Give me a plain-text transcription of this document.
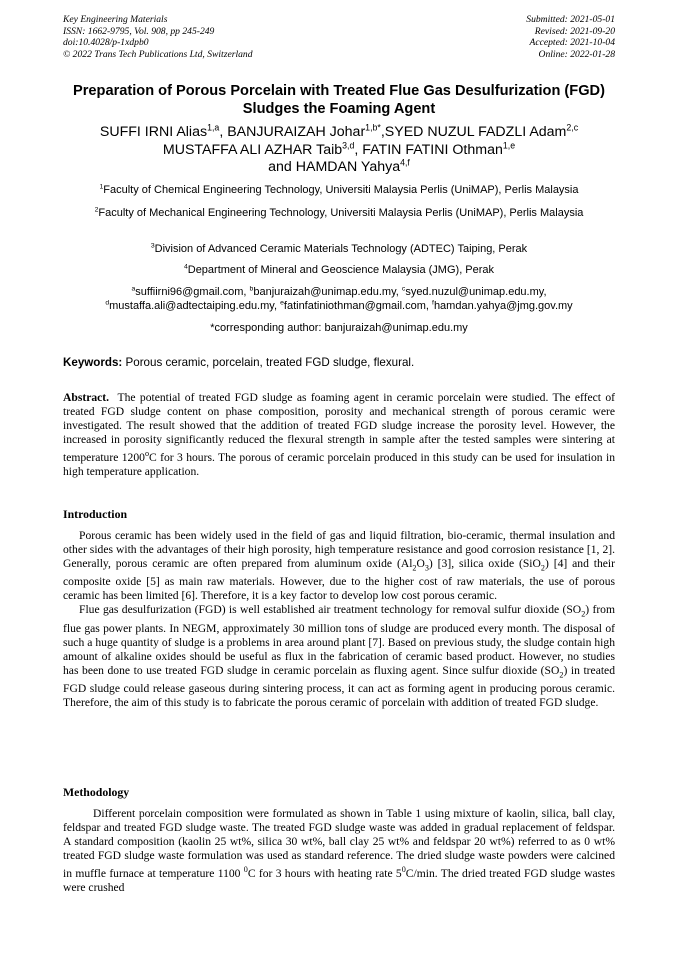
Key Engineering Materials
ISSN: 1662-9795, Vol. 908, pp 245-249
doi:10.4028/p-1xdpb0
© 2022 Trans Tech Publications Ltd, Switzerland
Submitted: 2021-05-01
Revised: 2021-09-20
Accepted: 2021-10-04
Online: 2022-01-28
Preparation of Porous Porcelain with Treated Flue Gas Desulfurization (FGD) Sludges the Foaming Agent
SUFFI IRNI Alias$^{1,a}$, BANJURAIZAH Johar$^{1,b*}$,SYED NUZUL FADZLI Adam$^{2,c}$
MUSTAFFA ALI AZHAR Taib$^{3,d}$, FATIN FATINI Othman$^{1,e}$
and HAMDAN Yahya$^{4,f}$
$^1$Faculty of Chemical Engineering Technology, Universiti Malaysia Perlis (UniMAP), Perlis Malaysia
$^2$Faculty of Mechanical Engineering Technology, Universiti Malaysia Perlis (UniMAP), Perlis Malaysia
$^3$Division of Advanced Ceramic Materials Technology (ADTEC) Taiping, Perak
$^4$Department of Mineral and Geoscience Malaysia (JMG), Perak
$^a$suffiirni96@gmail.com, $^b$banjuraizah@unimap.edu.my, $^c$syed.nuzul@unimap.edu.my,
$^d$mustaffa.ali@adtectaiping.edu.my, $^e$fatinfatiniothman@gmail.com, $^f$hamdan.yahya@jmg.gov.my
*corresponding author: banjuraizah@unimap.edu.my
Keywords: Porous ceramic, porcelain, treated FGD sludge, flexural.

Abstract. The potential of treated FGD sludge as foaming agent in ceramic porcelain were studied. The effect of treated FGD sludge content on phase composition, porosity and mechanical strength of porous ceramic were investigated. The result showed that the addition of treated FGD sludge increase the porosity level. However, the increased in porosity significantly reduced the flexural strength in sample after the tested samples were sintering at temperature 1200$^o$C for 3 hours. The porous of ceramic porcelain produced in this study can be used for insulation in high temperature application.

Introduction

Porous ceramic has been widely used in the field of gas and liquid filtration, bio-ceramic, thermal insulation and other sides with the advantages of their high porosity, high temperature resistance and good corrosion resistance [1, 2]. Generally, porous ceramic are often prepared from aluminum oxide $(Al_2O_3)$ [3], silica oxide (SiO$_2$) [4] and their composite oxide [5] as main raw materials. However, due to the higher cost of raw materials, the use of porous ceramic has been limited [6]. Therefore, it is a key factor to develop low cost porous ceramic.

Flue gas desulfurization (FGD) is well established air treatment technology for removal sulfur dioxide $(SO_2)$ from flue gas power plants. In NEGM, approximately 30 million tons of sludge are produced every month. The disposal of such a huge quantity of sludge is a problems in area around plant [7]. Based on previous study, the sludge contain high amount of alkaline oxides should be useful as flux in the fabrication of ceramic based product. However, no studies has been done to use treated FGD sludge in ceramic porcelain as fluxing agent. Since sulfur dioxide $(SO_2)$ in treated FGD sludge could release gaseous during sintering process, it can act as forming agent in producing porous ceramic. Therefore, the aim of this study is to fabricate the porous ceramic of porcelain with addition of treated FGD sludge.

Methodology

Different porcelain composition were formulated as shown in Table 1 using mixture of kaolin, silica, ball clay, feldspar and treated FGD sludge waste. The treated FGD sludge waste was added in gradual replacement of feldspar. A standard composition (kaolin 25 wt%, silica 30 wt%, ball clay 25 wt% and feldspar 20 wt%) referred to as 0 wt% treated FGD sludge waste formulation was used as standard reference. The dried sludge waste powders were calcined in muffle furnace at temperature 1100 $^0$C for 3 hours with heating rate $5^0C/\min$. The dried treated FGD sludge wastes were crushed
